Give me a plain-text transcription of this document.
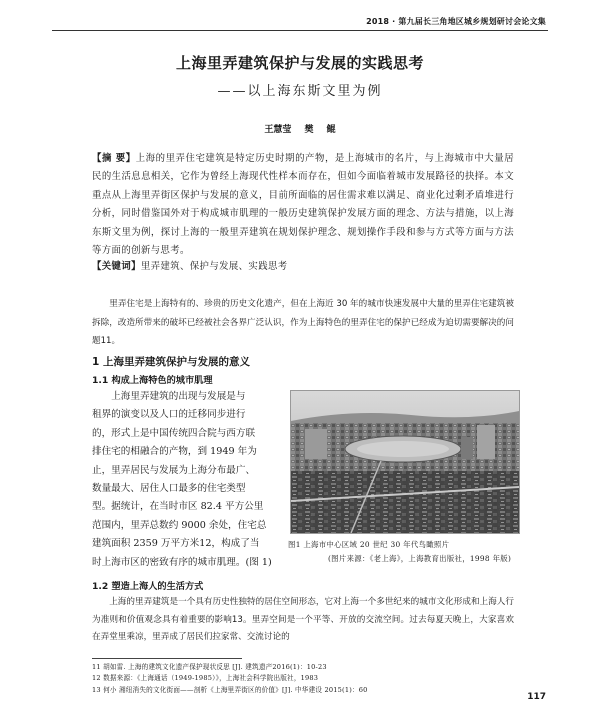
2018 · 第九届长三角地区城乡规划研讨会论文集
上海里弄建筑保护与发展的实践思考
——以上海东斯文里为例
王慧莹 樊 鲲
【摘 要】上海的里弄住宅建筑是特定历史时期的产物，是上海城市的名片，与上海城市中大量居民的生活息息相关，它作为曾经上海现代性样本而存在，但如今面临着城市发展路径的抉择。本文重点从上海里弄街区保护与发展的意义，目前所面临的居住需求难以满足、商业化过剩矛盾堆进行分析，同时借鉴国外对于构成城市肌理的一般历史建筑保护发展方面的理念、方法与措施，以上海东斯文里为例，探讨上海的一般里弄建筑在规划保护理念、规划操作手段和参与方式等方面与方法等方面的创新与思考。
【关键词】里弄建筑、保护与发展、实践思考
里弄住宅是上海特有的、珍贵的历史文化遗产，但在上海近 30 年的城市快速发展中大量的里弄住宅建筑被拆除，改造所带来的破坏已经被社会各界广泛认识，作为上海特色的里弄住宅的保护已经成为迫切需要解决的问题11。
1 上海里弄建筑保护与发展的意义
1.1 构成上海特色的城市肌理
上海里弄建筑的出现与发展是与
租界的演变以及人口的迁移同步进行
的，形式上是中国传统四合院与西方联
排住宅的相融合的产物，到 1949 年为
止，里弄居民与发展为上海分布最广、
数量最大、居住人口最多的住宅类型
型。据统计，在当时市区 82.4 平方公里
范围内，里弄总数约 9000 余处，住宅总
建筑面积 2359 万平方米12，构成了当
时上海市区的密致有序的城市肌理。(图 1)
图1 上海市中心区域 20 世纪 30 年代鸟瞰照片
(图片来源：《老上海》，上海教育出版社，1998 年版)
1.2 塑造上海人的生活方式
上海的里弄建筑是一个具有历史性独特的居住空间形态，它对上海一个多世纪来的城市文化形成和上海人行为准则和价值观念具有着重要的影响13。里弄空间是一个平等、开放的交流空间。过去每夏天晚上，大家喜欢在弄堂里乘凉，里弄成了居民们拉家常、交流讨论的
11 胡如雷. 上海的建筑文化遗产保护现状反思 [J]. 建筑遗产2016(1)：10-23
12 数据来源：《上海通话（1949-1985）》，上海社会科学院出版社，1983
13 何小 湘纽消失的文化街面——剖析《上海里弄街区的价值》[J]. 中华建设 2015(1)：60
117
